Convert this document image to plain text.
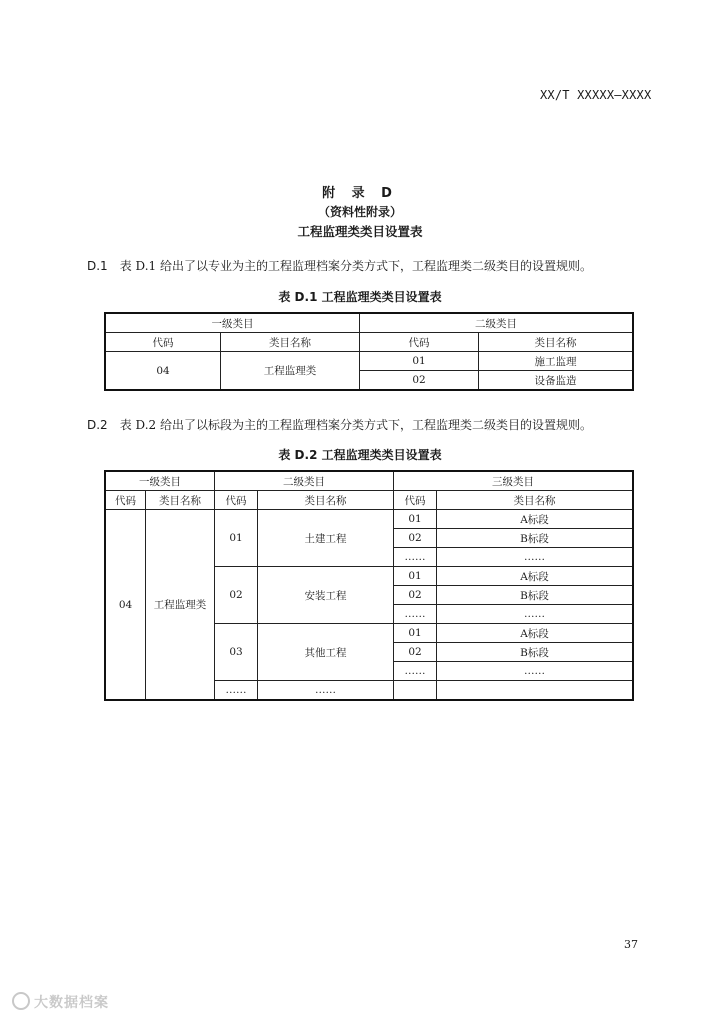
XX/T XXXXX—XXXX
附 录 D
（资料性附录）
工程监理类类目设置表
D.1 表 D.1 给出了以专业为主的工程监理档案分类方式下，工程监理类二级类目的设置规则。
表 D.1 工程监理类类目设置表
一级类目		二级类目	
代码	类目名称	代码	类目名称
04	工程监理类	01	施工监理
		02	设备监造
D.2 表 D.2 给出了以标段为主的工程监理档案分类方式下，工程监理类二级类目的设置规则。
表 D.2 工程监理类类目设置表
一级类目		二级类目		三级类目	
代码	类目名称	代码	类目名称	代码	类目名称
04	工程监理类	01	土建工程	01	A标段
				02	B标段
				……	……
		02	安装工程	01	A标段
				02	B标段
				……	……
		03	其他工程	01	A标段
				02	B标段
				……	……
		……	……		
37
大数据档案
